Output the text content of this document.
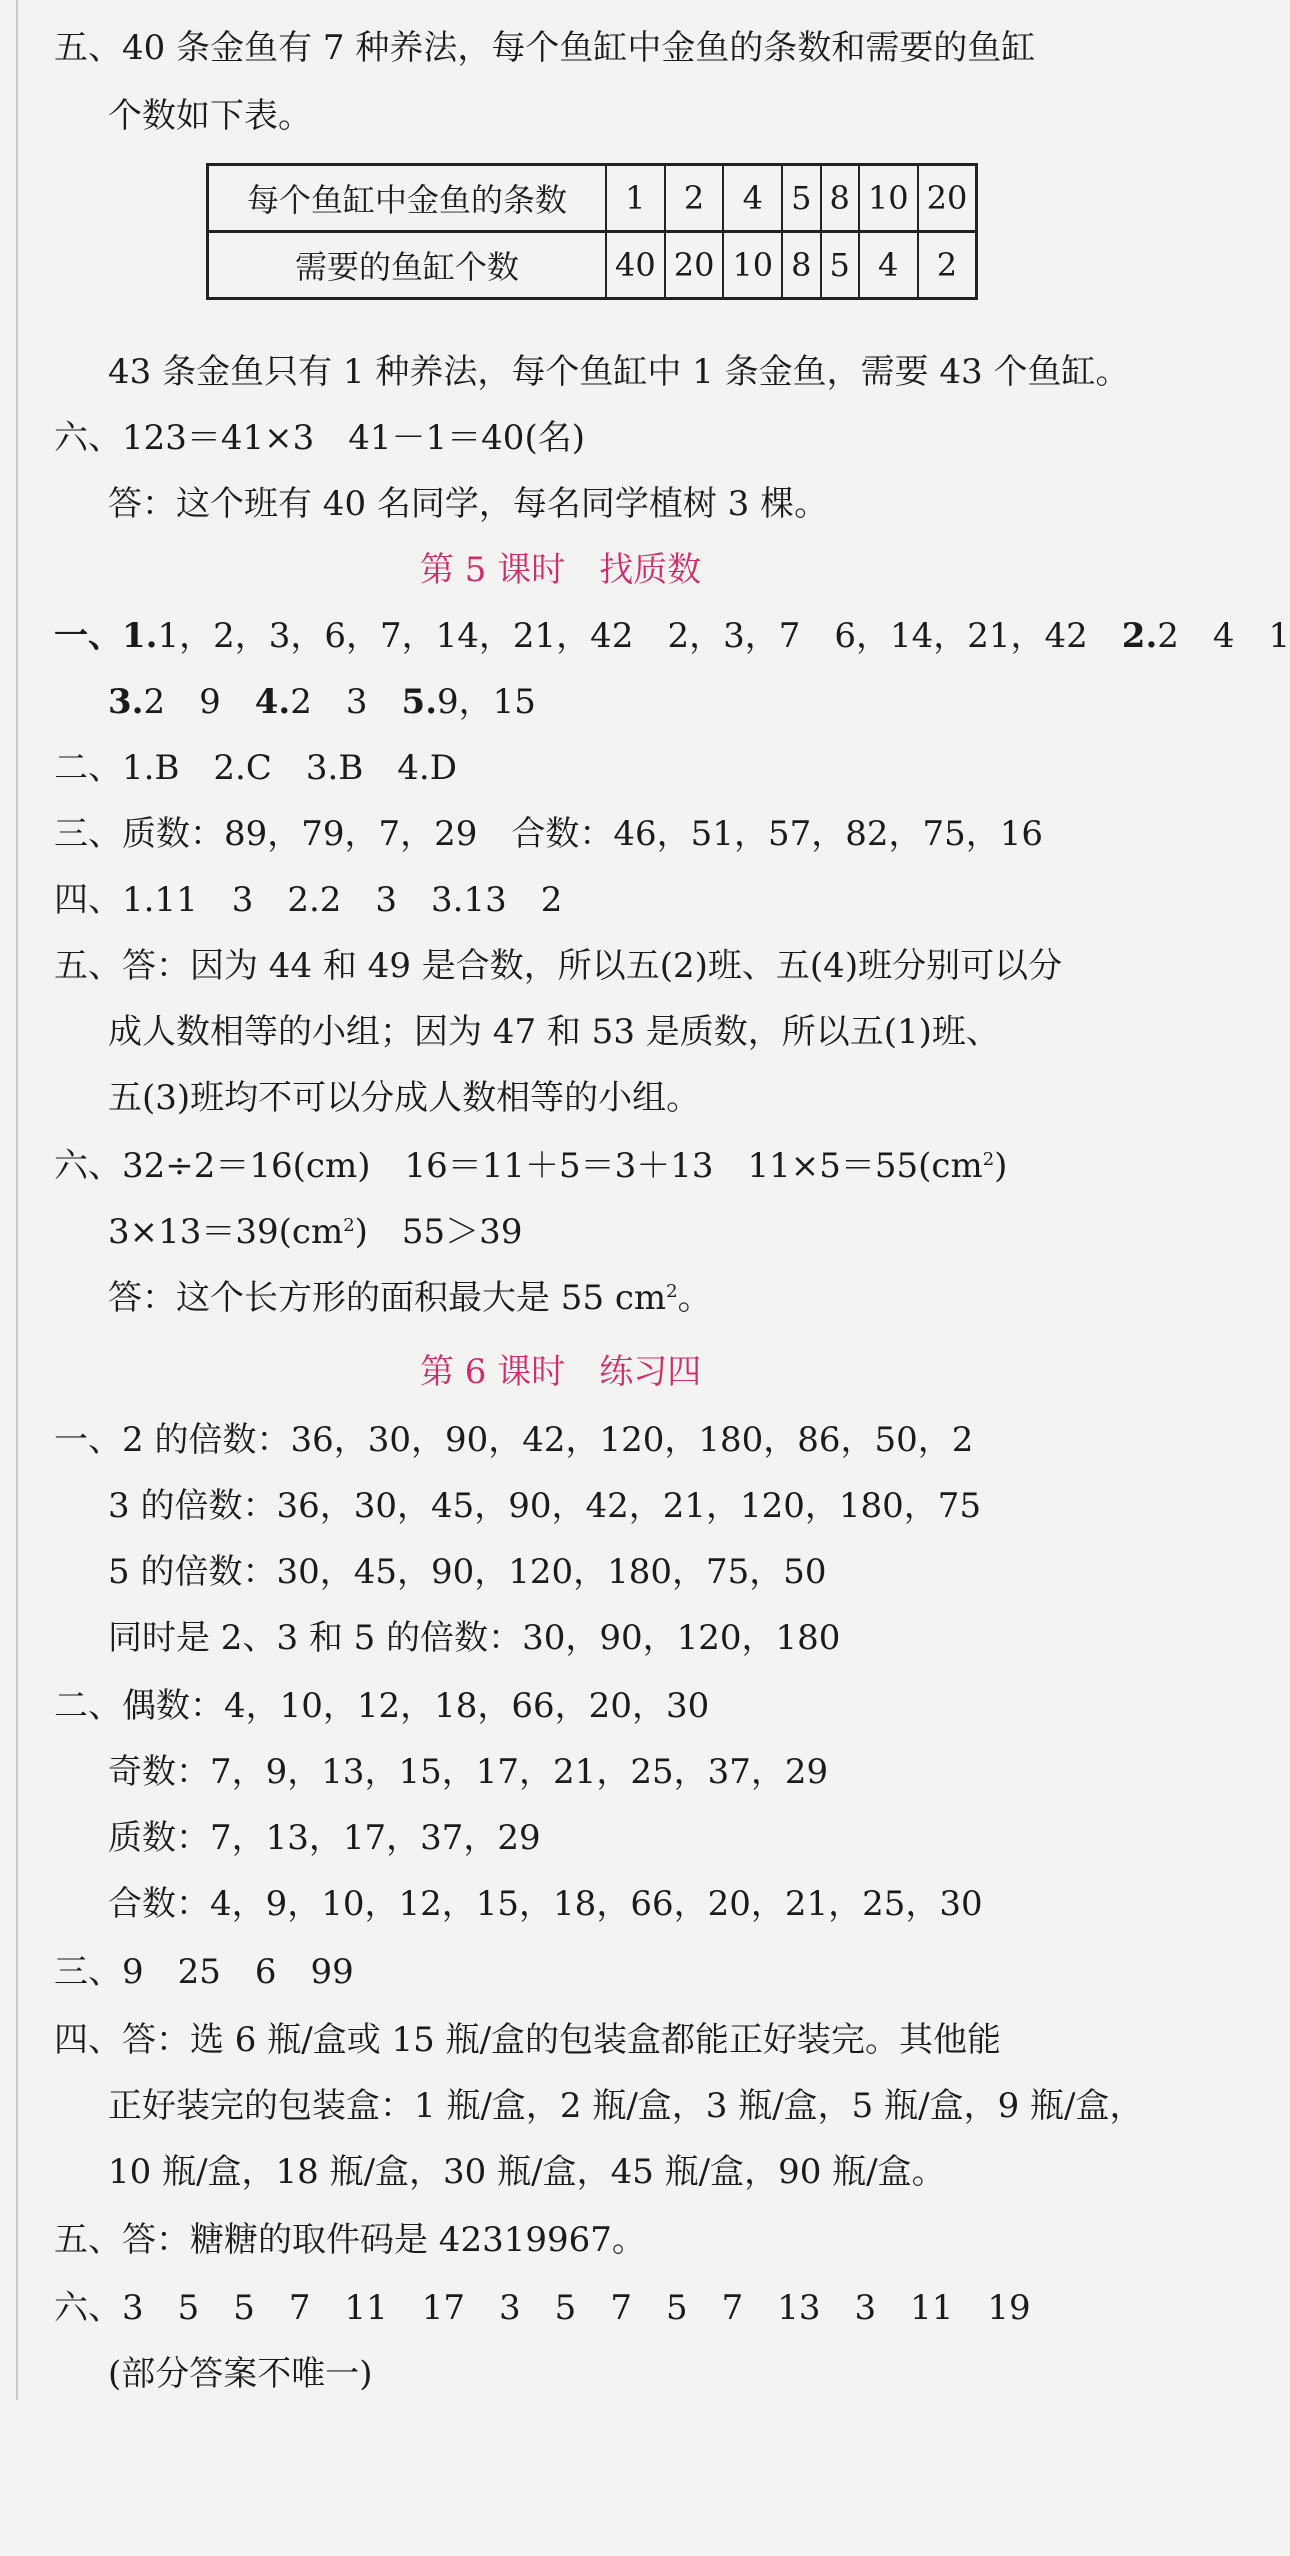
五、40 条金鱼有 7 种养法，每个鱼缸中金鱼的条数和需要的鱼缸
个数如下表。
每个鱼缸中金鱼的条数	1	2	4	5	8	10	20
需要的鱼缸个数	40	20	10	8	5	4	2
43 条金鱼只有 1 种养法，每个鱼缸中 1 条金鱼，需要 43 个鱼缸。
六、123＝41×3　41－1＝40(名)
答：这个班有 40 名同学，每名同学植树 3 棵。
第 5 课时　找质数
一、1.1，2，3，6，7，14，21，42　2，3，7　6，14，21，42　2.2　4　1
3.2　9　4.2　3　5.9，15
二、1.B　2.C　3.B　4.D
三、质数：89，79，7，29　合数：46，51，57，82，75，16
四、1.11　3　2.2　3　3.13　2
五、答：因为 44 和 49 是合数，所以五(2)班、五(4)班分别可以分
成人数相等的小组；因为 47 和 53 是质数，所以五(1)班、
五(3)班均不可以分成人数相等的小组。
六、32÷2＝16(cm)　16＝11＋5＝3＋13　$11\times 5=55(cm^2)$
$3\times 13=39(cm^2)$　55＞39
答：这个长方形的面积最大是 55 $cm^2$。
第 6 课时　练习四
一、2 的倍数：36，30，90，42，120，180，86，50，2
3 的倍数：36，30，45，90，42，21，120，180，75
5 的倍数：30，45，90，120，180，75，50
同时是 2、3 和 5 的倍数：30，90，120，180
二、偶数：4，10，12，18，66，20，30
奇数：7，9，13，15，17，21，25，37，29
质数：7，13，17，37，29
合数：4，9，10，12，15，18，66，20，21，25，30
三、9　25　6　99
四、答：选 6 瓶/盒或 15 瓶/盒的包装盒都能正好装完。其他能
正好装完的包装盒：1 瓶/盒，2 瓶/盒，3 瓶/盒，5 瓶/盒，9 瓶/盒，
10 瓶/盒，18 瓶/盒，30 瓶/盒，45 瓶/盒，90 瓶/盒。
五、答：糖糖的取件码是 42319967。
六、3　5　5　7　11　17　3　5　7　5　7　13　3　11　19
(部分答案不唯一)
